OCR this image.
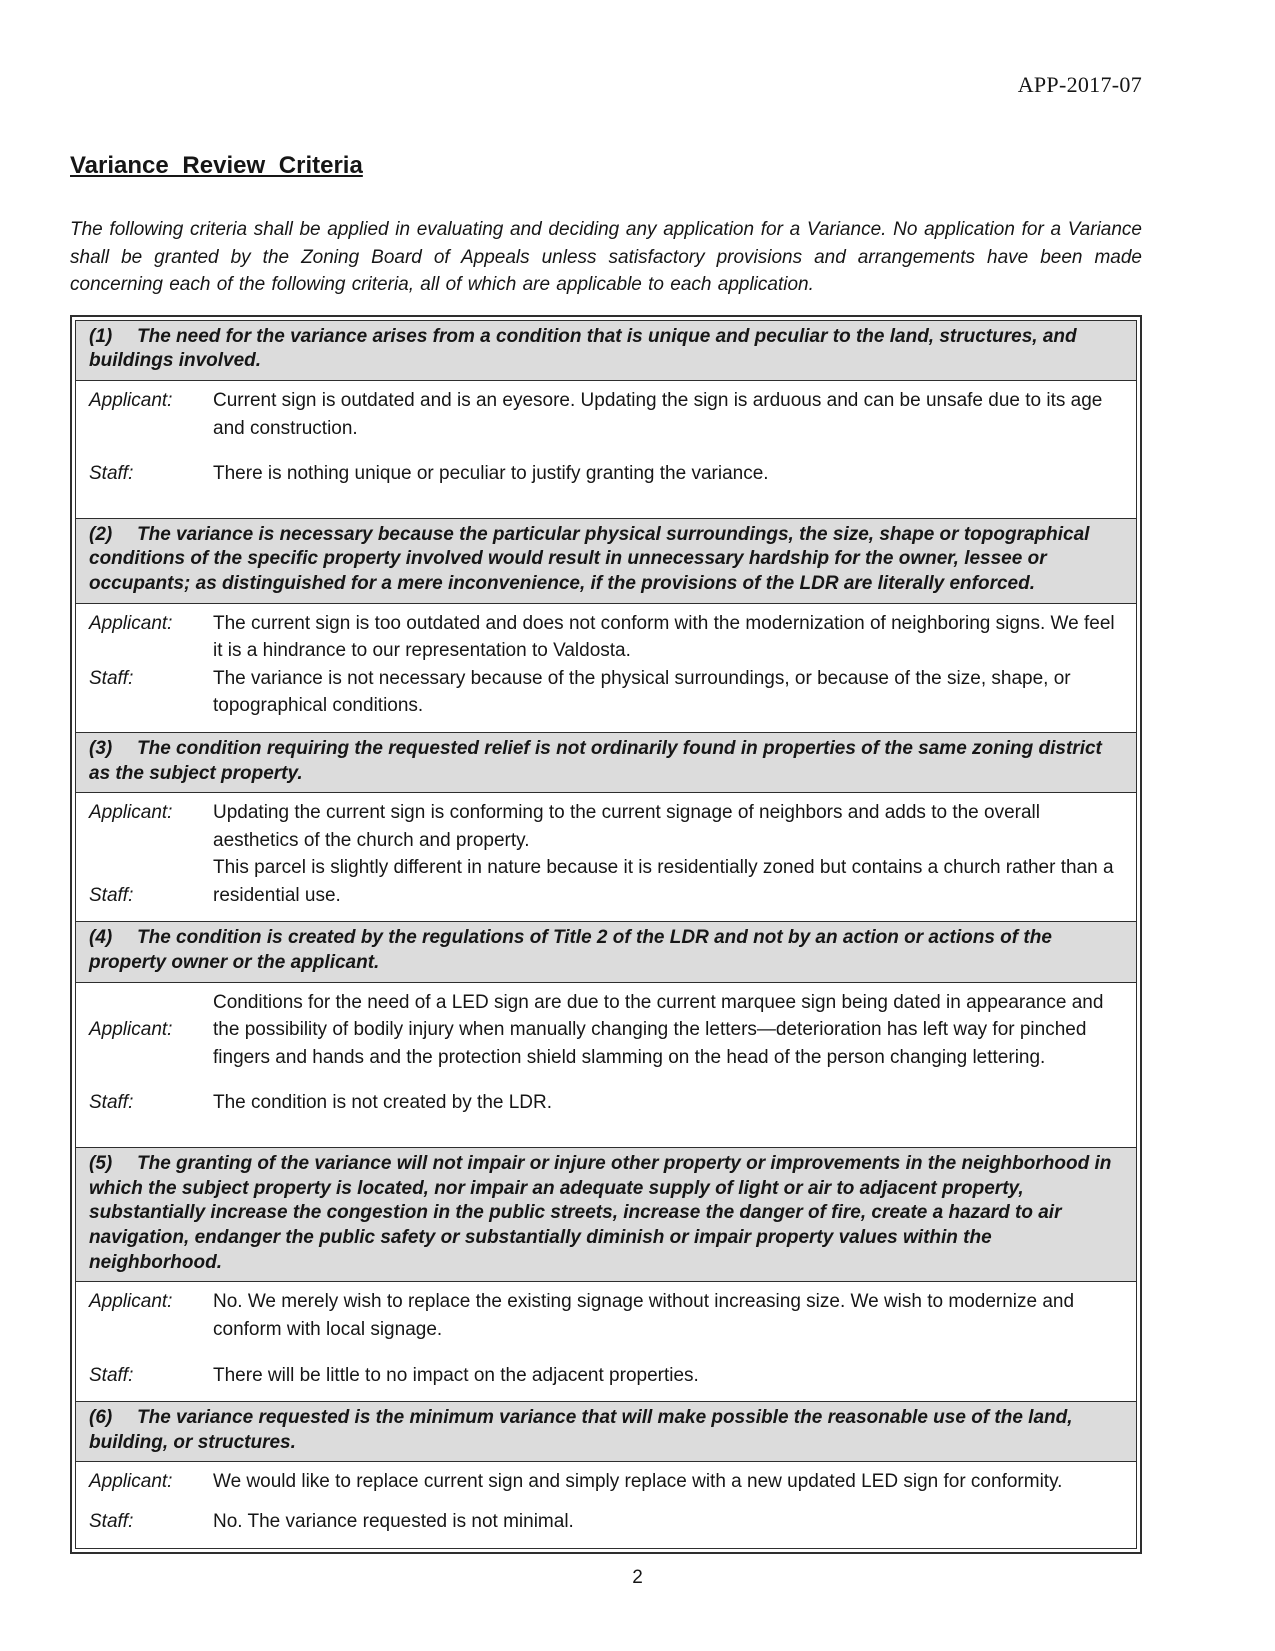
APP-2017-07
Variance Review Criteria

The following criteria shall be applied in evaluating and deciding any application for a Variance. No application for a Variance shall be granted by the Zoning Board of Appeals unless satisfactory provisions and arrangements have been made concerning each of the following criteria, all of which are applicable to each application.

(1) The need for the variance arises from a condition that is unique and peculiar to the land, structures, and buildings involved.
Applicant:	Current sign is outdated and is an eyesore. Updating the sign is arduous and can be unsafe due to its age and construction.
Staff:	There is nothing unique or peculiar to justify granting the variance.
(2) The variance is necessary because the particular physical surroundings, the size, shape or topographical conditions of the specific property involved would result in unnecessary hardship for the owner, lessee or occupants; as distinguished for a mere inconvenience, if the provisions of the LDR are literally enforced.
Applicant:	The current sign is too outdated and does not conform with the modernization of neighboring signs. We feel it is a hindrance to our representation to Valdosta.
Staff:	The variance is not necessary because of the physical surroundings, or because of the size, shape, or topographical conditions.
(3) The condition requiring the requested relief is not ordinarily found in properties of the same zoning district as the subject property.
Applicant:	Updating the current sign is conforming to the current signage of neighbors and adds to the overall aesthetics of the church and property.
Staff:
This parcel is slightly different in nature because it is residentially zoned but contains a church rather than a residential use.
(4) The condition is created by the regulations of Title 2 of the LDR and not by an action or actions of the property owner or the applicant.
Applicant:
Conditions for the need of a LED sign are due to the current marquee sign being dated in appearance and the possibility of bodily injury when manually changing the letters—deterioration has left way for pinched fingers and hands and the protection shield slamming on the head of the person changing lettering.
Staff:	The condition is not created by the LDR.
(5) The granting of the variance will not impair or injure other property or improvements in the neighborhood in which the subject property is located, nor impair an adequate supply of light or air to adjacent property, substantially increase the congestion in the public streets, increase the danger of fire, create a hazard to air navigation, endanger the public safety or substantially diminish or impair property values within the neighborhood.
Applicant:	No. We merely wish to replace the existing signage without increasing size. We wish to modernize and conform with local signage.
Staff:	There will be little to no impact on the adjacent properties.
(6) The variance requested is the minimum variance that will make possible the reasonable use of the land, building, or structures.
Applicant:	We would like to replace current sign and simply replace with a new updated LED sign for conformity.
Staff:	No. The variance requested is not minimal.
2
